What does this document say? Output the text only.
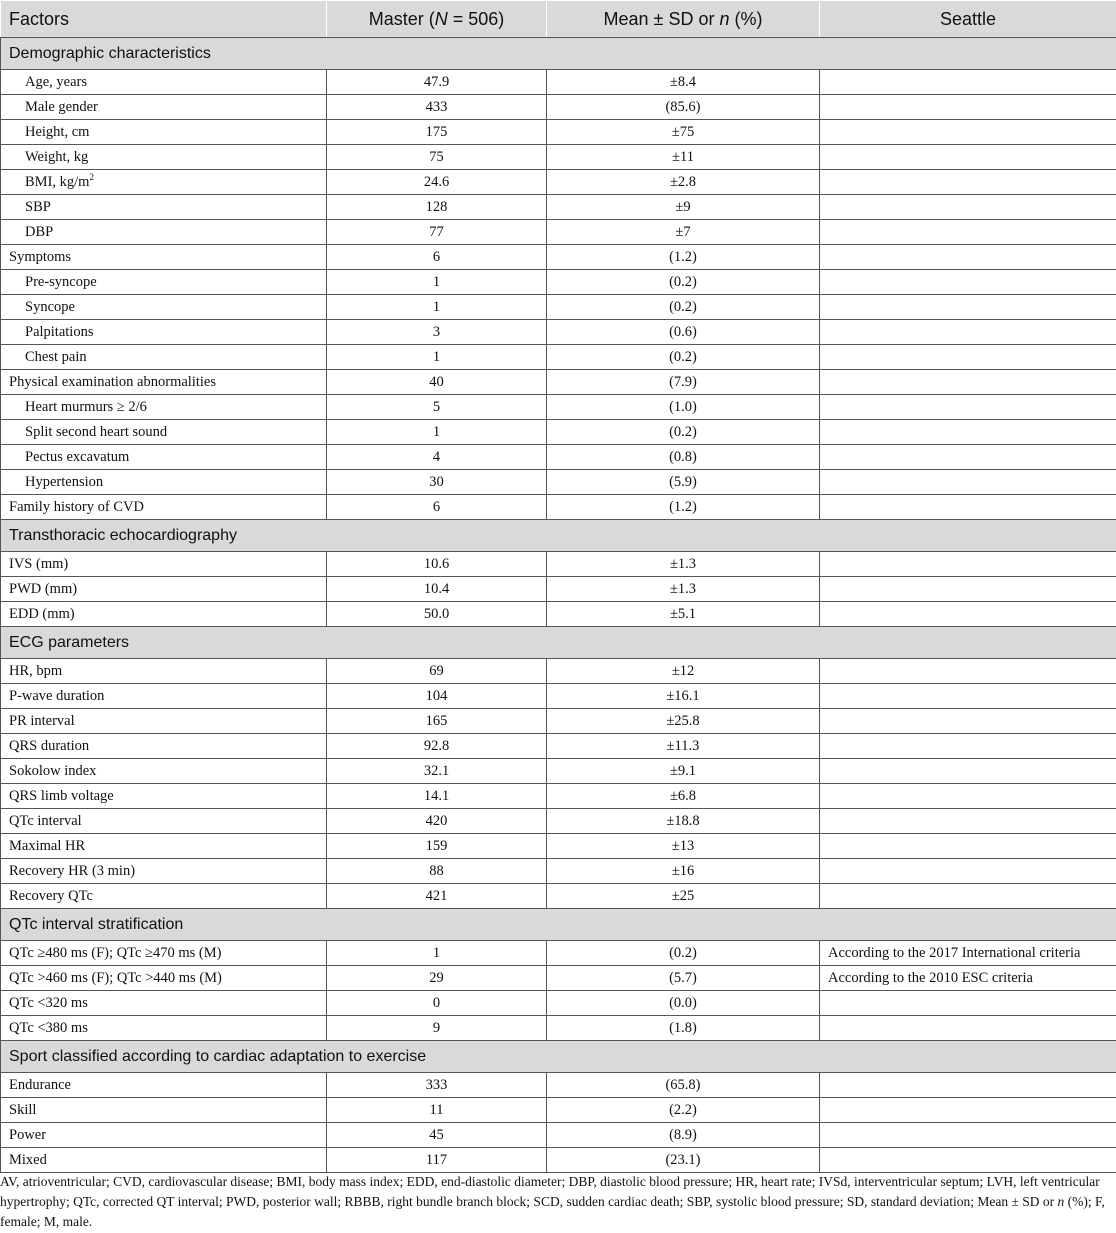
Factors	Master (N = 506)	Mean ± SD or n (%)	Seattle
Demographic characteristics			
Age, years	47.9	±8.4	
Male gender	433	(85.6)	
Height, cm	175	±75	
Weight, kg	75	±11	
BMI, $kg/m^2$	24.6	±2.8	
SBP	128	±9	
DBP	77	±7	
Symptoms	6	(1.2)	
Pre-syncope	1	(0.2)	
Syncope	1	(0.2)	
Palpitations	3	(0.6)	
Chest pain	1	(0.2)	
Physical examination abnormalities	40	(7.9)	
Heart murmurs ≥ 2/6	5	(1.0)	
Split second heart sound	1	(0.2)	
Pectus excavatum	4	(0.8)	
Hypertension	30	(5.9)	
Family history of CVD	6	(1.2)	
Transthoracic echocardiography			
IVS (mm)	10.6	±1.3	
PWD (mm)	10.4	±1.3	
EDD (mm)	50.0	±5.1	
ECG parameters			
HR, bpm	69	±12	
P-wave duration	104	±16.1	
PR interval	165	±25.8	
QRS duration	92.8	±11.3	
Sokolow index	32.1	±9.1	
QRS limb voltage	14.1	±6.8	
QTc interval	420	±18.8	
Maximal HR	159	±13	
Recovery HR (3 min)	88	±16	
Recovery QTc	421	±25	
QTc interval stratification			
QTc ≥480 ms (F); QTc ≥470 ms (M)	1	(0.2)	According to the 2017 International criteria
QTc >460 ms (F); QTc >440 ms (M)	29	(5.7)	According to the 2010 ESC criteria
QTc <320 ms	0	(0.0)	
QTc <380 ms	9	(1.8)	
Sport classified according to cardiac adaptation to exercise			
Endurance	333	(65.8)	
Skill	11	(2.2)	
Power	45	(8.9)	
Mixed	117	(23.1)	
AV, atrioventricular; CVD, cardiovascular disease; BMI, body mass index; EDD, end-diastolic diameter; DBP, diastolic blood pressure; HR, heart rate; IVSd, interventricular septum; LVH, left ventricular hypertrophy; QTc, corrected QT interval; PWD, posterior wall; RBBB, right bundle branch block; SCD, sudden cardiac death; SBP, systolic blood pressure; SD, standard deviation; Mean ± SD or n (%); F, female; M, male.
